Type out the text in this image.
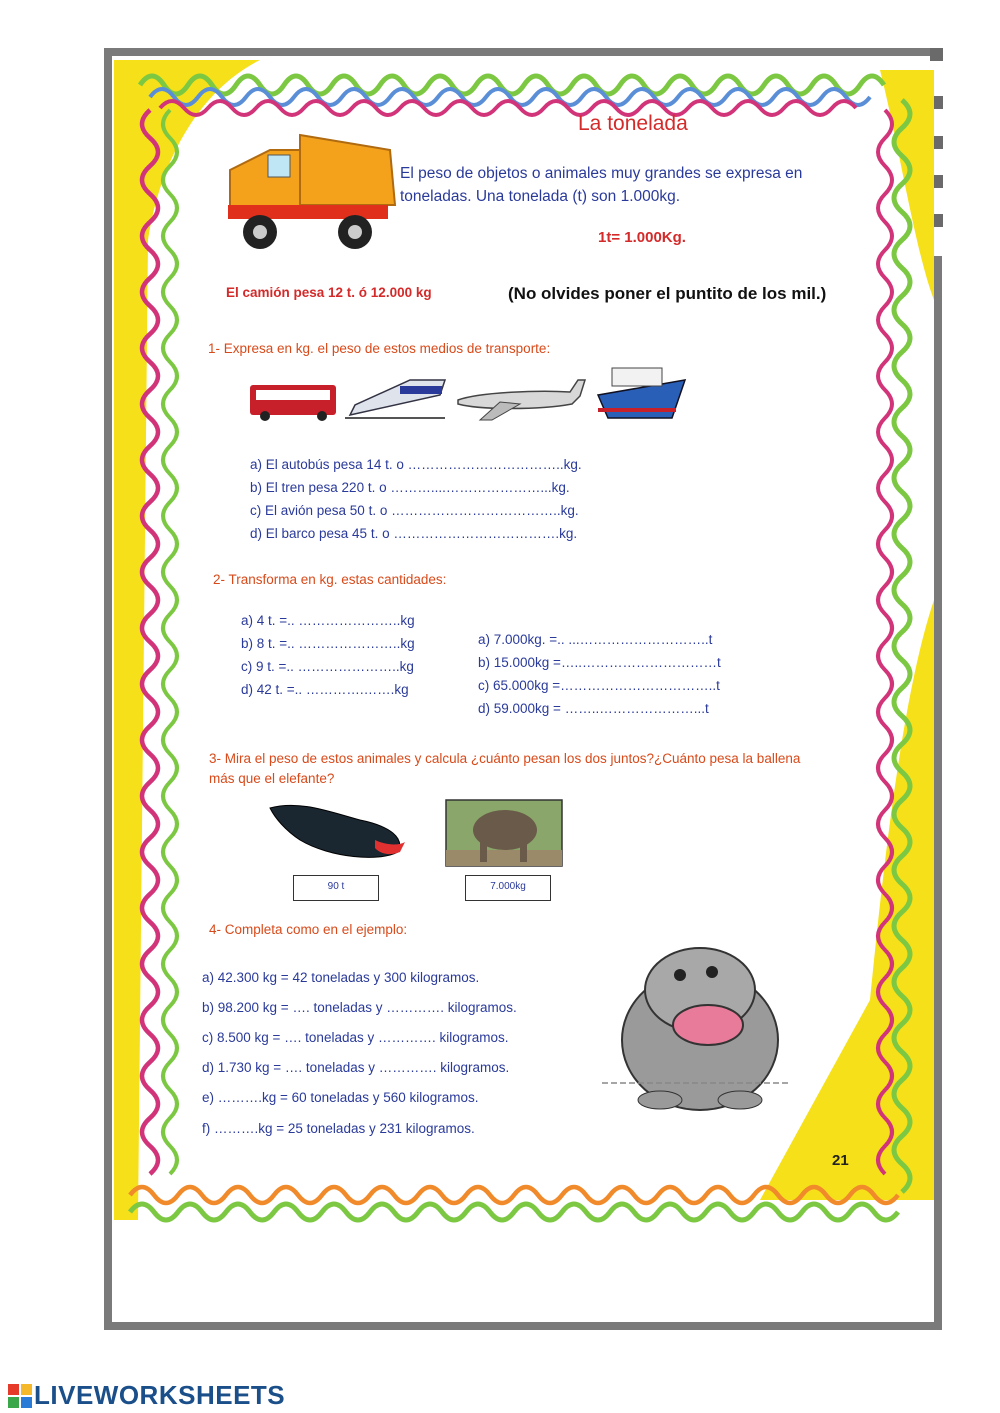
La tonelada
El peso de objetos o animales muy grandes se expresa en toneladas. Una tonelada (t) son 1.000kg.
1t= 1.000Kg.
El camión pesa 12 t. ó 12.000 kg	(No olvides poner el puntito de los mil.)
1- Expresa en kg. el peso de estos medios de transporte:
a) El autobús pesa 14 t. o ……………………………..kg.
b) El tren pesa 220 t. o ………....…………………...kg.
c) El avión pesa 50 t. o ………………………………..kg.
d) El barco pesa 45 t. o ……………………………….kg.
2- Transforma en kg. estas cantidades:
a) 4 t. =.. …………………..kg
b) 8 t. =.. …………………..kg
c) 9 t. =.. …………………..kg
d) 42 t. =.. ………….…….kg
a) 7.000kg. =.. ...………………………..t
b) 15.000kg =…..…………………………t
c) 65.000kg =……………………………..t
d) 59.000kg = ……..…………………...t
3- Mira el peso de estos animales y calcula ¿cuánto pesan los dos juntos?¿Cuánto pesa la ballena
más que el elefante?
90 t	7.000kg
4- Completa como en el ejemplo:
a) 42.300 kg = 42 toneladas y 300 kilogramos.
b) 98.200 kg = …. toneladas y …………. kilogramos.
c) 8.500 kg = …. toneladas y …………. kilogramos.
d) 1.730 kg = …. toneladas y …………. kilogramos.
e) ……….kg = 60 toneladas y 560 kilogramos.
f) ……….kg = 25 toneladas y 231 kilogramos.
21
LIVEWORKSHEETS
